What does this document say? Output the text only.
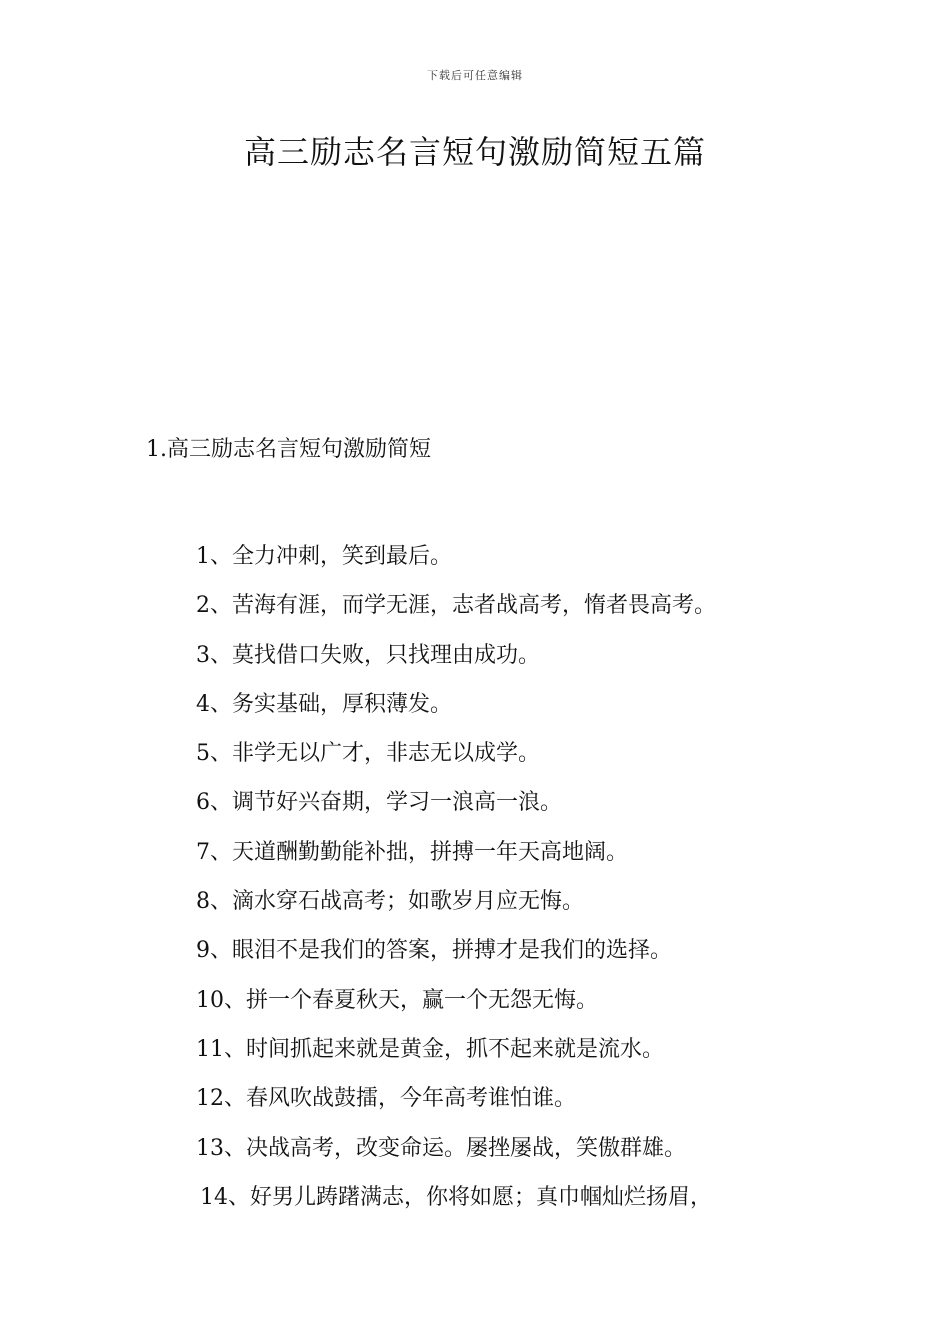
下载后可任意编辑
高三励志名言短句激励简短五篇
1.高三励志名言短句激励简短
1、全力冲刺，笑到最后。
2、苦海有涯，而学无涯，志者战高考，惰者畏高考。
3、莫找借口失败，只找理由成功。
4、务实基础，厚积薄发。
5、非学无以广才，非志无以成学。
6、调节好兴奋期，学习一浪高一浪。
7、天道酬勤勤能补拙，拼搏一年天高地阔。
8、滴水穿石战高考；如歌岁月应无悔。
9、眼泪不是我们的答案，拼搏才是我们的选择。
10、拼一个春夏秋天，赢一个无怨无悔。
11、时间抓起来就是黄金，抓不起来就是流水。
12、春风吹战鼓擂，今年高考谁怕谁。
13、决战高考，改变命运。屡挫屡战，笑傲群雄。
14、好男儿踌躇满志，你将如愿；真巾帼灿烂扬眉，
